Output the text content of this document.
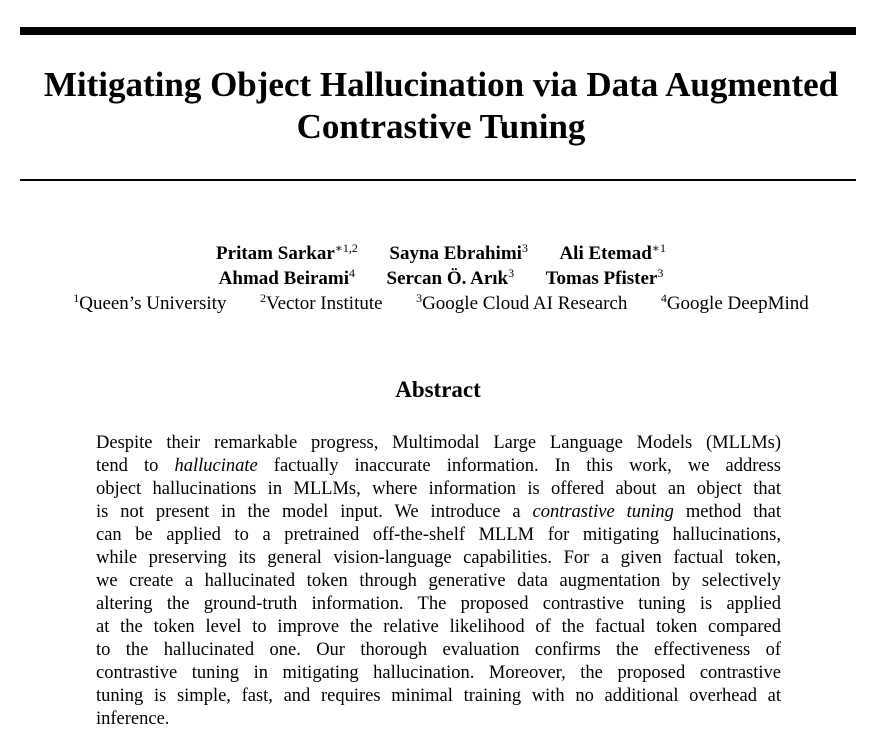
Mitigating Object Hallucination via Data Augmented
Contrastive Tuning
Pritam Sarkar$^{∗1,2}$ Sayna Ebrahimi$^3$ Ali Etemad$^{∗1}$
Ahmad Beirami$^4$ Sercan Ö. Arık$^3$ Tomas Pfister$^3$
$^1$Queen’s University	$^2$Vector Institute	$^3$Google Cloud AI Research	$^4$Google DeepMind
Abstract
Despite their remarkable progress, Multimodal Large Language Models (MLLMs)
tend to hallucinate factually inaccurate information. In this work, we address
object hallucinations in MLLMs, where information is offered about an object that
is not present in the model input. We introduce a contrastive tuning method that
can be applied to a pretrained off-the-shelf MLLM for mitigating hallucinations,
while preserving its general vision-language capabilities. For a given factual token,
we create a hallucinated token through generative data augmentation by selectively
altering the ground-truth information. The proposed contrastive tuning is applied
at the token level to improve the relative likelihood of the factual token compared
to the hallucinated one. Our thorough evaluation confirms the effectiveness of
contrastive tuning in mitigating hallucination. Moreover, the proposed contrastive
tuning is simple, fast, and requires minimal training with no additional overhead at
inference.
